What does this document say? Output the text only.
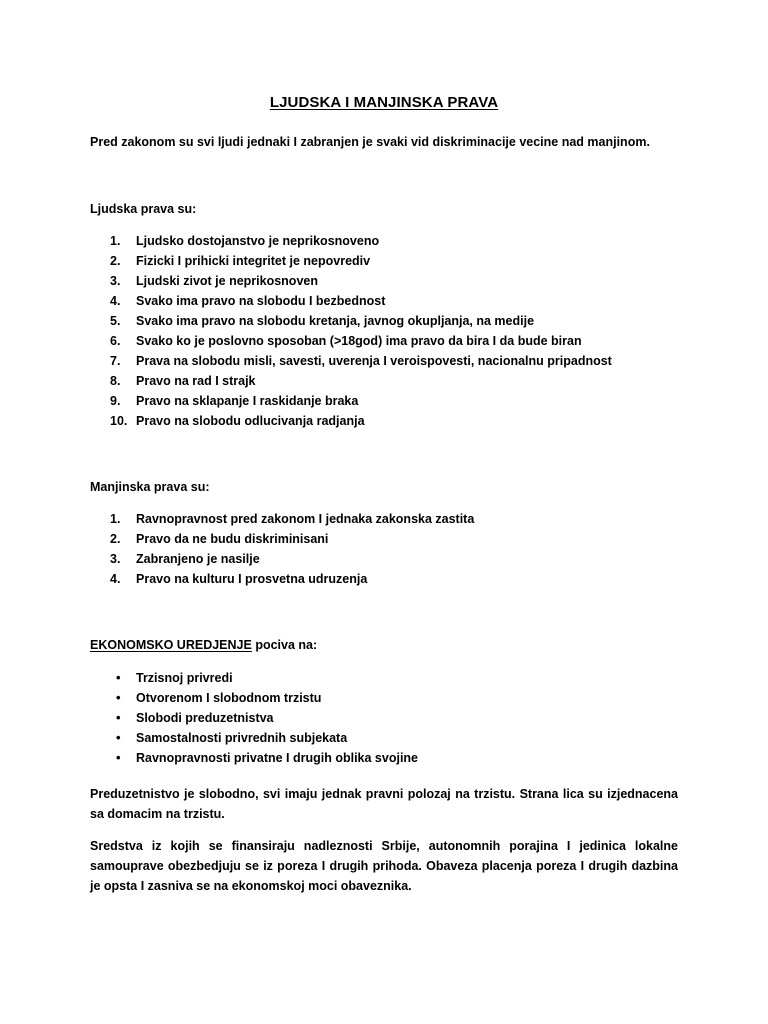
LJUDSKA I MANJINSKA PRAVA
Pred zakonom su svi ljudi jednaki I zabranjen je svaki vid diskriminacije vecine nad manjinom.
Ljudska prava su:
1.	Ljudsko dostojanstvo je neprikosnoveno
2.	Fizicki I prihicki integritet je nepovrediv
3.	Ljudski zivot je neprikosnoven
4.	Svako ima pravo na slobodu I bezbednost
5.	Svako ima pravo na slobodu kretanja, javnog okupljanja, na medije
6.	Svako ko je poslovno sposoban (>18god) ima pravo da bira I da bude biran
7.	Prava na slobodu misli, savesti, uverenja I veroispovesti, nacionalnu pripadnost
8.	Pravo na rad I strajk
9.	Pravo na sklapanje I raskidanje braka
10. Pravo na slobodu odlucivanja radjanja
Manjinska prava su:
1.	Ravnopravnost pred zakonom I jednaka zakonska zastita
2.	Pravo da ne budu diskriminisani
3.	Zabranjeno je nasilje
4.	Pravo na kulturu I prosvetna udruzenja
EKONOMSKO UREDJENJE pociva na:
• Trzisnoj privredi
• Otvorenom I slobodnom trzistu
• Slobodi preduzetnistva
• Samostalnosti privrednih subjekata
• Ravnopravnosti privatne I drugih oblika svojine
Preduzetnistvo je slobodno, svi imaju jednak pravni polozaj na trzistu. Strana lica su izjednacena sa domacim na trzistu.
Sredstva iz kojih se finansiraju nadleznosti Srbije, autonomnih porajina I jedinica lokalne samouprave obezbedjuju se iz poreza I drugih prihoda. Obaveza placenja poreza I drugih dazbina je opsta I zasniva se na ekonomskoj moci obaveznika.
